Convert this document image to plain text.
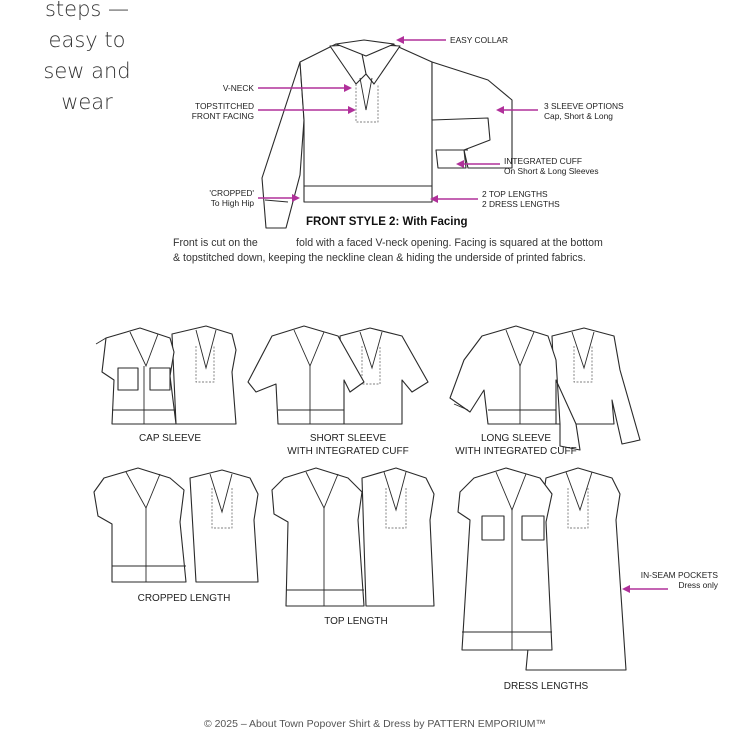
steps —
easy to
sew and
wear
EASY COLLAR
V-NECK
TOPSTITCHED
FRONT FACING
3 SLEEVE OPTIONS
Cap, Short & Long
INTEGRATED CUFF
On Short & Long Sleeves
'CROPPED'
To High Hip
2 TOP LENGTHS
2 DRESS LENGTHS
IN-SEAM POCKETS
Dress only
FRONT STYLE 2: With Facing
Front is cut on the	fold with a faced V-neck opening. Facing is squared at the bottom
& topstitched down, keeping the neckline clean & hiding the underside of printed fabrics.
CAP SLEEVE	SHORT SLEEVE
WITH INTEGRATED CUFF
LONG SLEEVE
WITH INTEGRATED CUFF
CROPPED LENGTH
TOP LENGTH
DRESS LENGTHS
© 2025 – About Town Popover Shirt & Dress by PATTERN EMPORIUM™
